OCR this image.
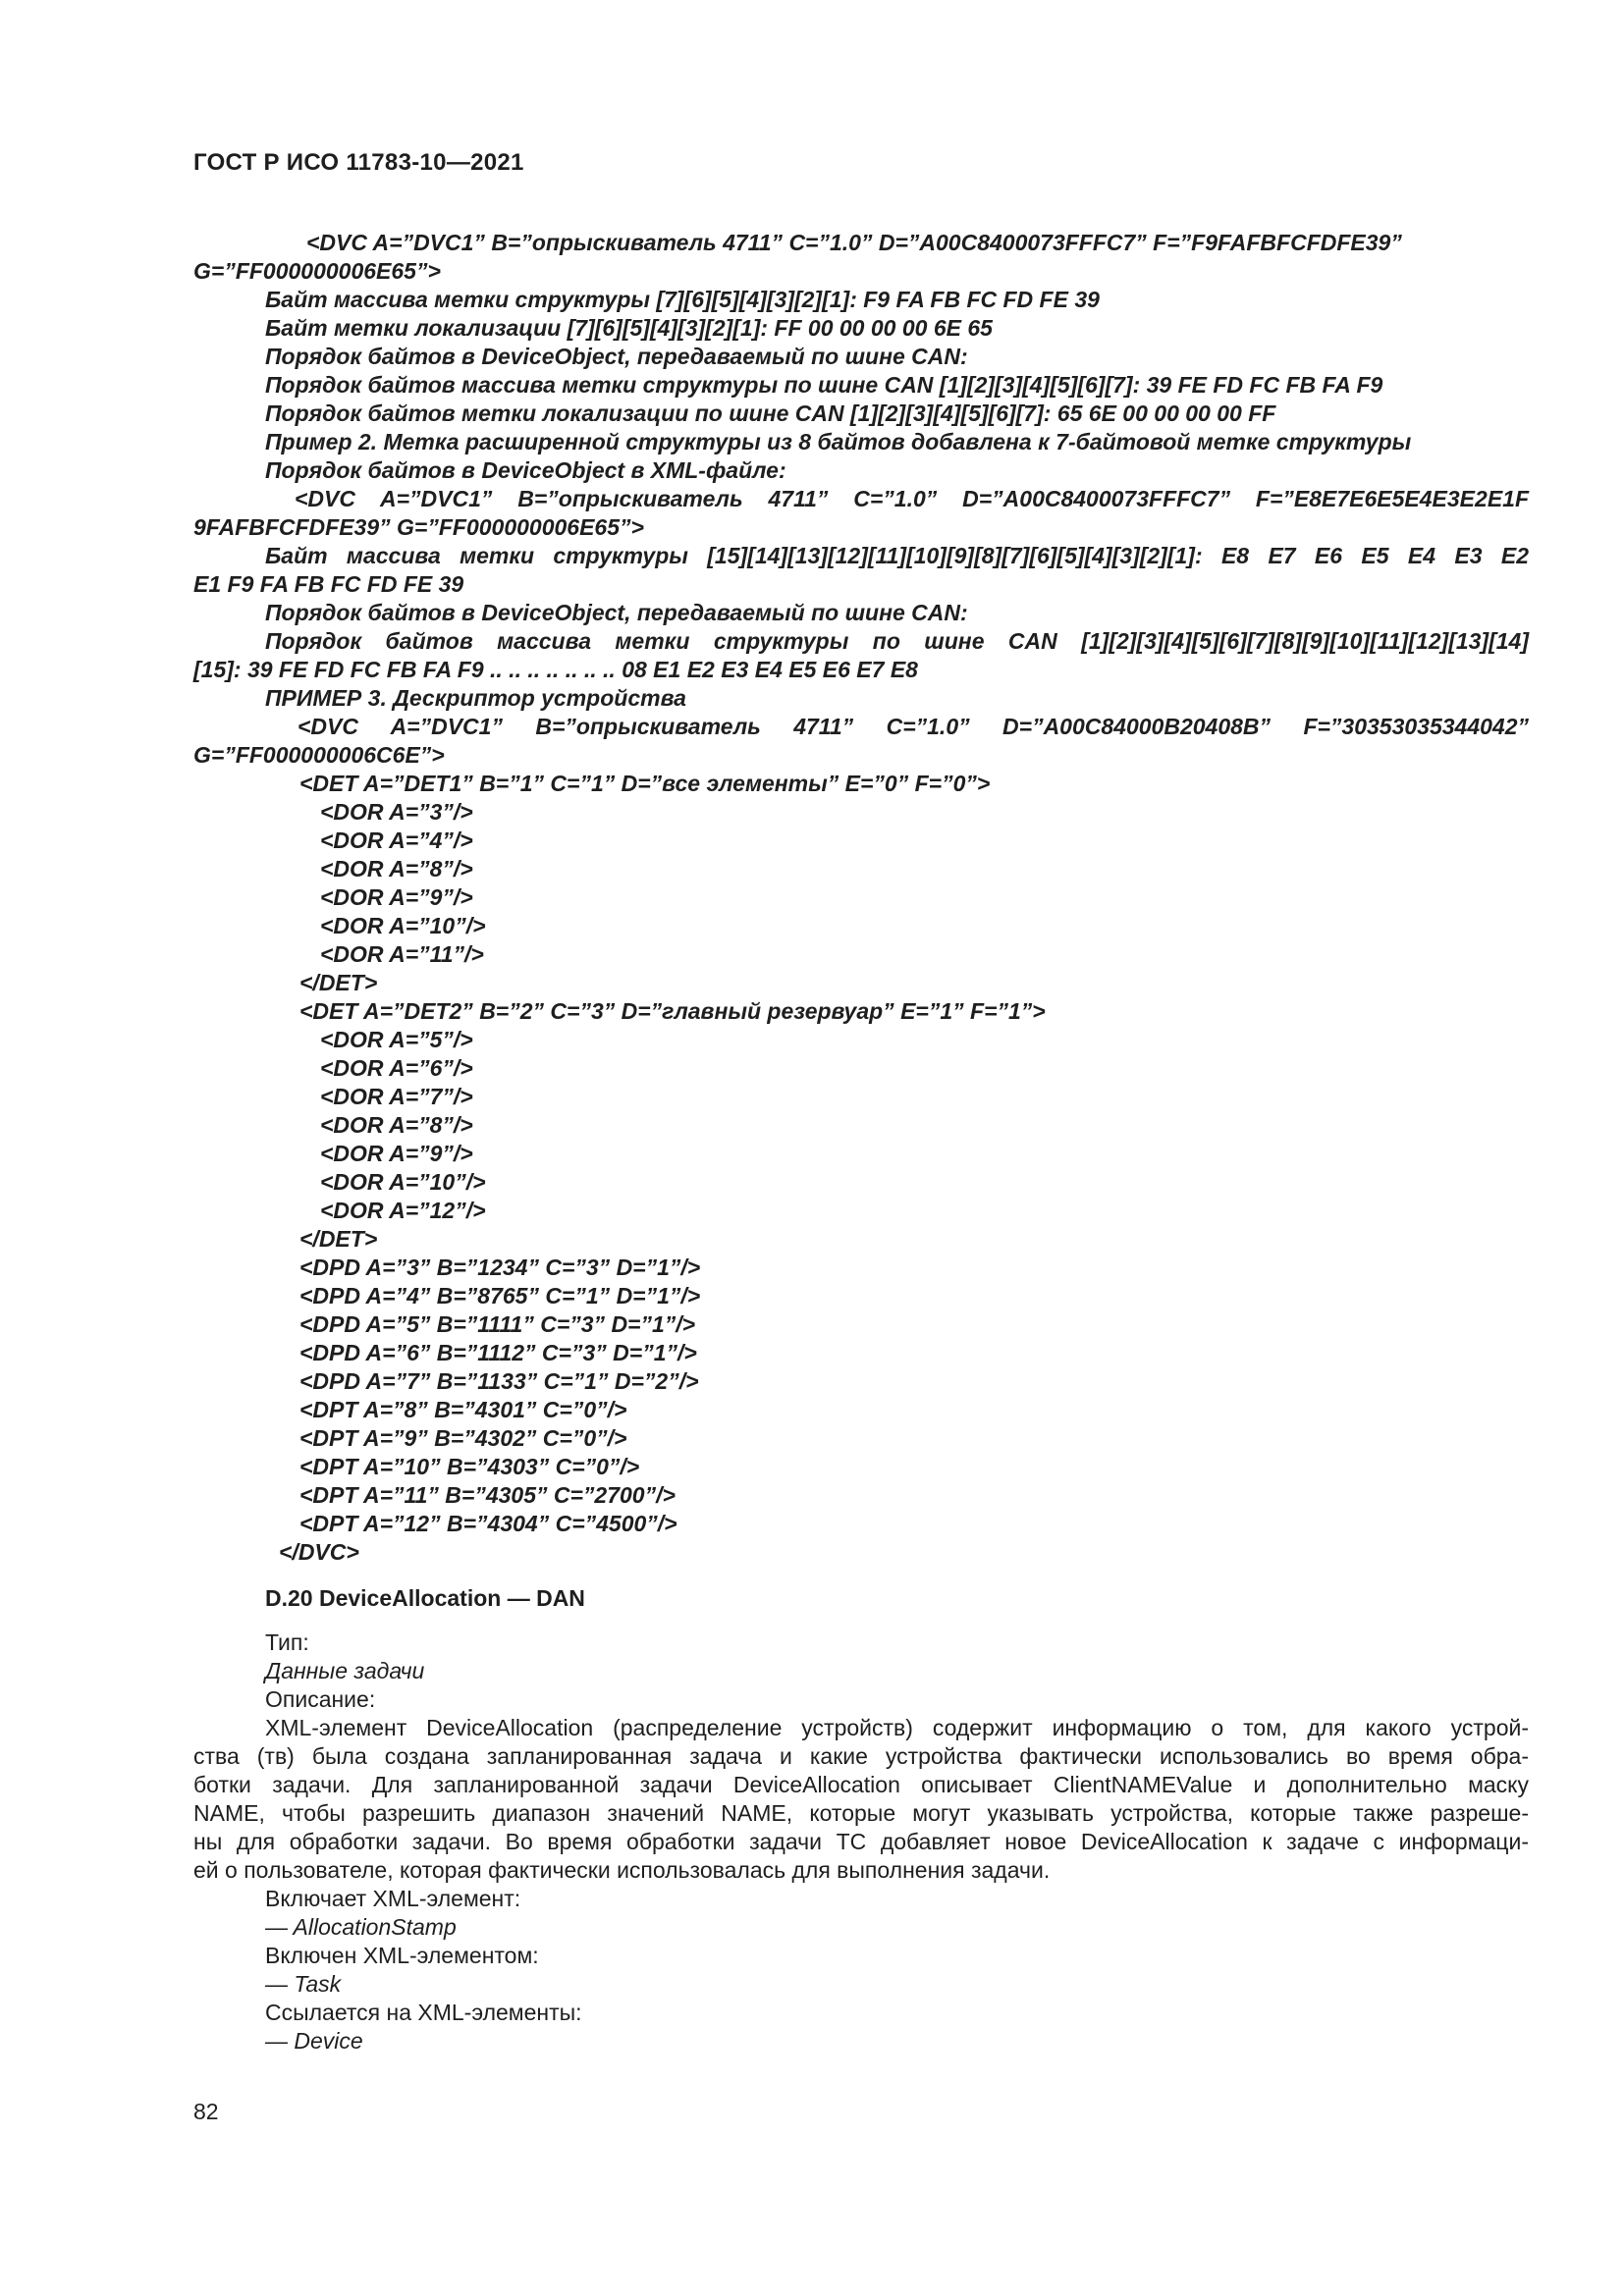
ГОСТ Р ИСО 11783-10—2021
<DVC A=”DVC1” B=”опрыскиватель 4711” C=”1.0” D=”A00C8400073FFFC7” F=”F9FAFBFCFDFE39”
G=”FF000000006E65”>
Байт массива метки структуры [7][6][5][4][3][2][1]: F9 FA FB FC FD FE 39
Байт метки локализации [7][6][5][4][3][2][1]: FF 00 00 00 00 6E 65
Порядок байтов в DeviceObject, передаваемый по шине CAN:
Порядок байтов массива метки структуры по шине CAN [1][2][3][4][5][6][7]: 39 FE FD FC FB FA F9
Порядок байтов метки локализации по шине CAN [1][2][3][4][5][6][7]: 65 6E 00 00 00 00 FF
Пример 2. Метка расширенной структуры из 8 байтов добавлена к 7-байтовой метке структуры
Порядок байтов в DeviceObject в XML-файле:
<DVC A=”DVC1” B=”опрыскиватель 4711” C=”1.0” D=”A00C8400073FFFC7” F=”E8E7E6E5E4E3E2E1F
9FAFBFCFDFE39” G=”FF000000006E65”>
Байт массива метки структуры [15][14][13][12][11][10][9][8][7][6][5][4][3][2][1]: E8 E7 E6 E5 E4 E3 E2
E1 F9 FA FB FC FD FE 39
Порядок байтов в DeviceObject, передаваемый по шине CAN:
Порядок байтов массива метки структуры по шине CAN [1][2][3][4][5][6][7][8][9][10][11][12][13][14]
[15]: 39 FE FD FC FB FA F9 .. .. .. .. .. .. .. 08 E1 E2 E3 E4 E5 E6 E7 E8
ПРИМЕР 3. Дескриптор устройства
<DVC A=”DVC1” B=”опрыскиватель 4711” C=”1.0” D=”A00C84000B20408B” F=”30353035344042”
G=”FF000000006C6E”>
<DET A=”DET1” B=”1” C=”1” D=”все элементы” E=”0” F=”0”>
<DOR A=”3”/>
<DOR A=”4”/>
<DOR A=”8”/>
<DOR A=”9”/>
<DOR A=”10”/>
<DOR A=”11”/>
</DET>
<DET A=”DET2” B=”2” C=”3” D=”главный резервуар” E=”1” F=”1”>
<DOR A=”5”/>
<DOR A=”6”/>
<DOR A=”7”/>
<DOR A=”8”/>
<DOR A=”9”/>
<DOR A=”10”/>
<DOR A=”12”/>
</DET>
<DPD A=”3” B=”1234” C=”3” D=”1”/>
<DPD A=”4” B=”8765” C=”1” D=”1”/>
<DPD A=”5” B=”1111” C=”3” D=”1”/>
<DPD A=”6” B=”1112” C=”3” D=”1”/>
<DPD A=”7” B=”1133” C=”1” D=”2”/>
<DPT A=”8” B=”4301” C=”0”/>
<DPT A=”9” B=”4302” C=”0”/>
<DPT A=”10” B=”4303” C=”0”/>
<DPT A=”11” B=”4305” C=”2700”/>
<DPT A=”12” B=”4304” C=”4500”/>
</DVC>
D.20 DeviceAllocation — DAN
Тип:
Данные задачи
Описание:
XML-элемент DeviceAllocation (распределение устройств) содержит информацию о том, для какого устрой-
ства (тв) была создана запланированная задача и какие устройства фактически использовались во время обра-
ботки задачи. Для запланированной задачи DeviceAllocation описывает ClientNAMEValue и дополнительно маску
NAME, чтобы разрешить диапазон значений NAME, которые могут указывать устройства, которые также разреше-
ны для обработки задачи. Во время обработки задачи TC добавляет новое DeviceAllocation к задаче с информаци-
ей о пользователе, которая фактически использовалась для выполнения задачи.
Включает XML-элемент:
— AllocationStamp
Включен XML-элементом:
— Task
Ссылается на XML-элементы:
— Device
82
